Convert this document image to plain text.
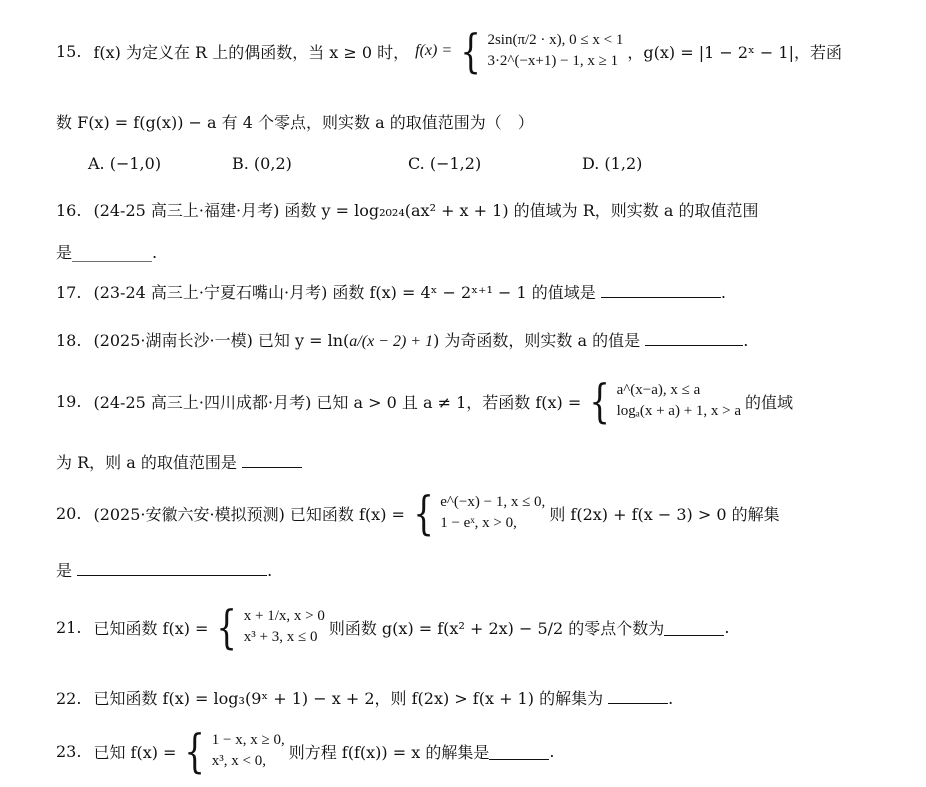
15. f(x) 为定义在 R 上的偶函数，当 x ≥ 0 时， f(x) = { 2sin(π/2 · x), 0 ≤ x < 1
3·2^(−x+1) − 1, x ≥ 1 ，g(x) = |1 − 2ˣ − 1|，若函
数 F(x) = f(g(x)) − a 有 4 个零点，则实数 a 的取值范围为（　）
A. (−1,0)	B. (0,2)	C. (−1,2)	D. (1,2)
16. (24-25 高三上·福建·月考) 函数 y = log₂₀₂₄(ax² + x + 1) 的值域为 R，则实数 a 的取值范围
是__________.
17. (23-24 高三上·宁夏石嘴山·月考) 函数 f(x) = 4ˣ − 2ˣ⁺¹ − 1 的值域是	.
18. (2025·湖南长沙·一模) 已知 y = ln(a/(x − 2) + 1) 为奇函数，则实数 a 的值是	.
19. (24-25 高三上·四川成都·月考) 已知 a > 0 且 a ≠ 1，若函数 f(x) = { a^(x−a), x ≤ a
logₐ(x + a) + 1, x > a 的值域
为 R，则 a 的取值范围是
20. (2025·安徽六安·模拟预测) 已知函数 f(x) = { e^(−x) − 1, x ≤ 0,
1 − eˣ, x > 0,	则 f(2x) + f(x − 3) > 0 的解集
是	.
21. 已知函数 f(x) = { x + 1/x, x > 0
x³ + 3, x ≤ 0 则函数 g(x) = f(x² + 2x) − 5/2 的零点个数为	.
22. 已知函数 f(x) = log₃(9ˣ + 1) − x + 2，则 f(2x) > f(x + 1) 的解集为	.
23. 已知 f(x) = { 1 − x, x ≥ 0,
x³, x < 0,	则方程 f(f(x)) = x 的解集是	.
